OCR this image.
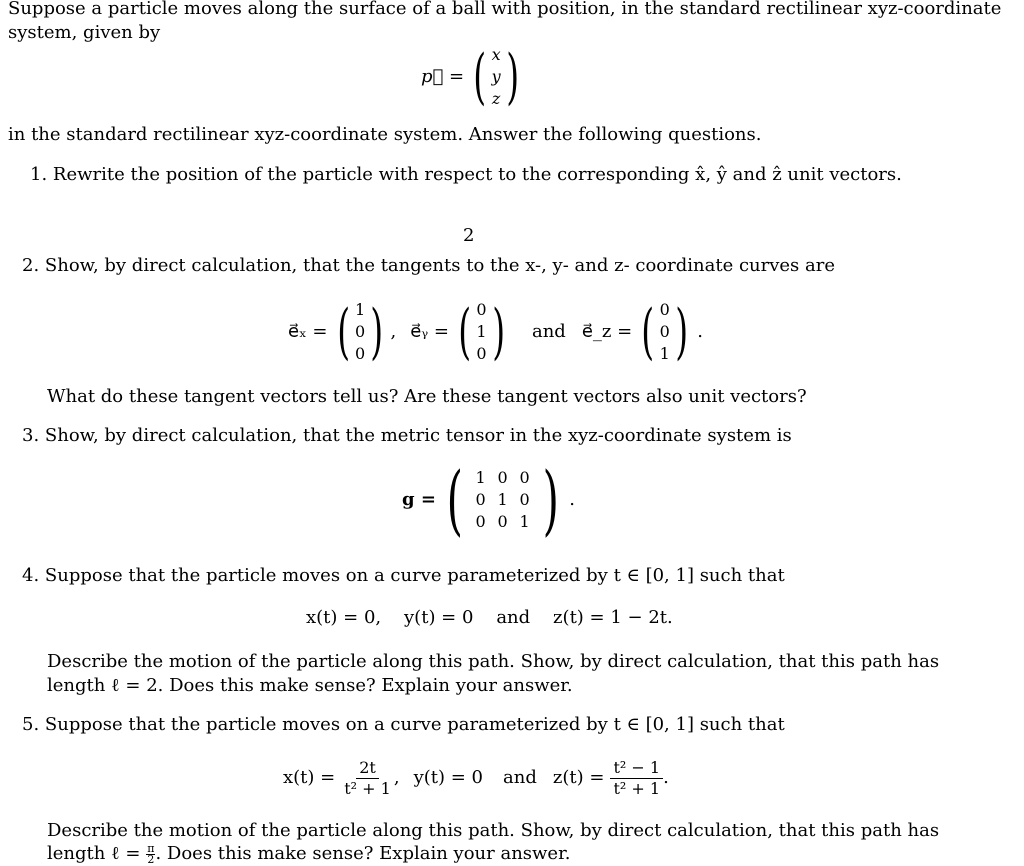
Suppose a particle moves along the surface of a ball with position, in the standard rectilinear xyz-coordinate
system, given by
p⃗ = ( x
y
z )
in the standard rectilinear xyz-coordinate system. Answer the following questions.
1. Rewrite the position of the particle with respect to the corresponding x̂, ŷ and ẑ unit vectors.
2
2. Show, by direct calculation, that the tangents to the x-, y- and z- coordinate curves are
e⃗ₓ = ( 1
0
0 ) , e⃗ᵧ = ( 0
1
0 ) and e⃗_z = ( 0
0
1 ) .
What do these tangent vectors tell us? Are these tangent vectors also unit vectors?
3. Show, by direct calculation, that the metric tensor in the xyz-coordinate system is
g = ( 1 0 0
0 1 0
0 0 1 ) .
4. Suppose that the particle moves on a curve parameterized by t ∈ [0, 1] such that
x(t) = 0,    y(t) = 0    and    z(t) = 1 − 2t.
Describe the motion of the particle along this path. Show, by direct calculation, that this path has
length ℓ = 2. Does this make sense? Explain your answer.
5. Suppose that the particle moves on a curve parameterized by t ∈ [0, 1] such that
$x(t) = \frac{2t}{\text{t² + 1}}$ , y(t) = 0 and $z(t) = \frac{\text{t² − 1}}{\text{t² + 1}}$ .
Describe the motion of the particle along this path. Show, by direct calculation, that this path has
length ℓ = $\frac{\pi}{2}$ . Does this make sense? Explain your answer.
